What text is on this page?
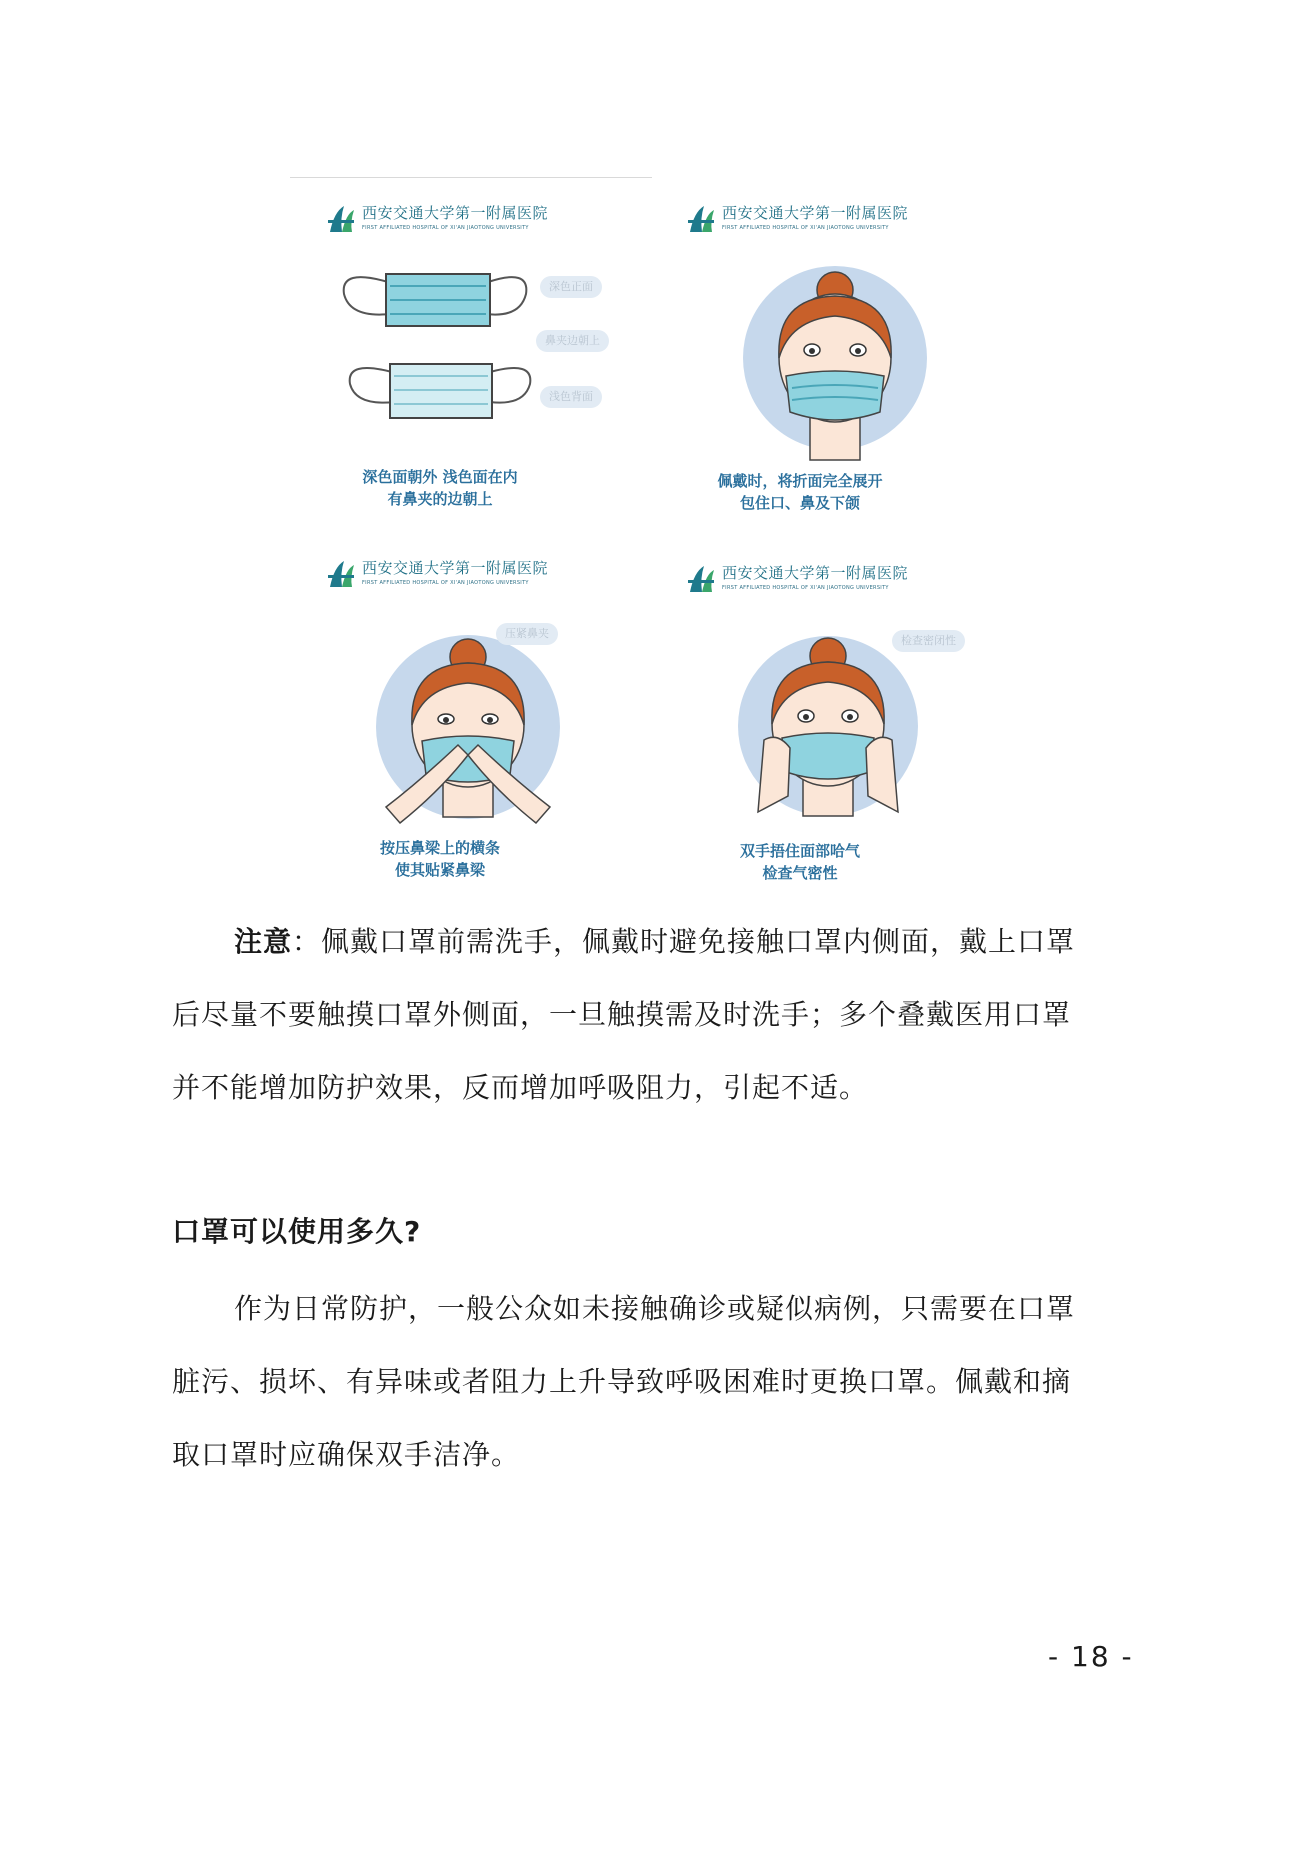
西安交通大学第一附属医院
FIRST AFFILIATED HOSPITAL OF XI'AN JIAOTONG UNIVERSITY
深色正面
鼻夹边朝上
浅色背面
深色面朝外 浅色面在内
有鼻夹的边朝上
西安交通大学第一附属医院
FIRST AFFILIATED HOSPITAL OF XI'AN JIAOTONG UNIVERSITY
佩戴时，将折面完全展开
包住口、鼻及下颌
西安交通大学第一附属医院
FIRST AFFILIATED HOSPITAL OF XI'AN JIAOTONG UNIVERSITY
压紧鼻夹
按压鼻梁上的横条
使其贴紧鼻梁
西安交通大学第一附属医院
FIRST AFFILIATED HOSPITAL OF XI'AN JIAOTONG UNIVERSITY
检查密闭性
双手捂住面部哈气
检查气密性
注意：佩戴口罩前需洗手，佩戴时避免接触口罩内侧面，戴上口罩
后尽量不要触摸口罩外侧面，一旦触摸需及时洗手；多个叠戴医用口罩
并不能增加防护效果，反而增加呼吸阻力，引起不适。
口罩可以使用多久?
作为日常防护，一般公众如未接触确诊或疑似病例，只需要在口罩
脏污、损坏、有异味或者阻力上升导致呼吸困难时更换口罩。佩戴和摘
取口罩时应确保双手洁净。
- 18 -
